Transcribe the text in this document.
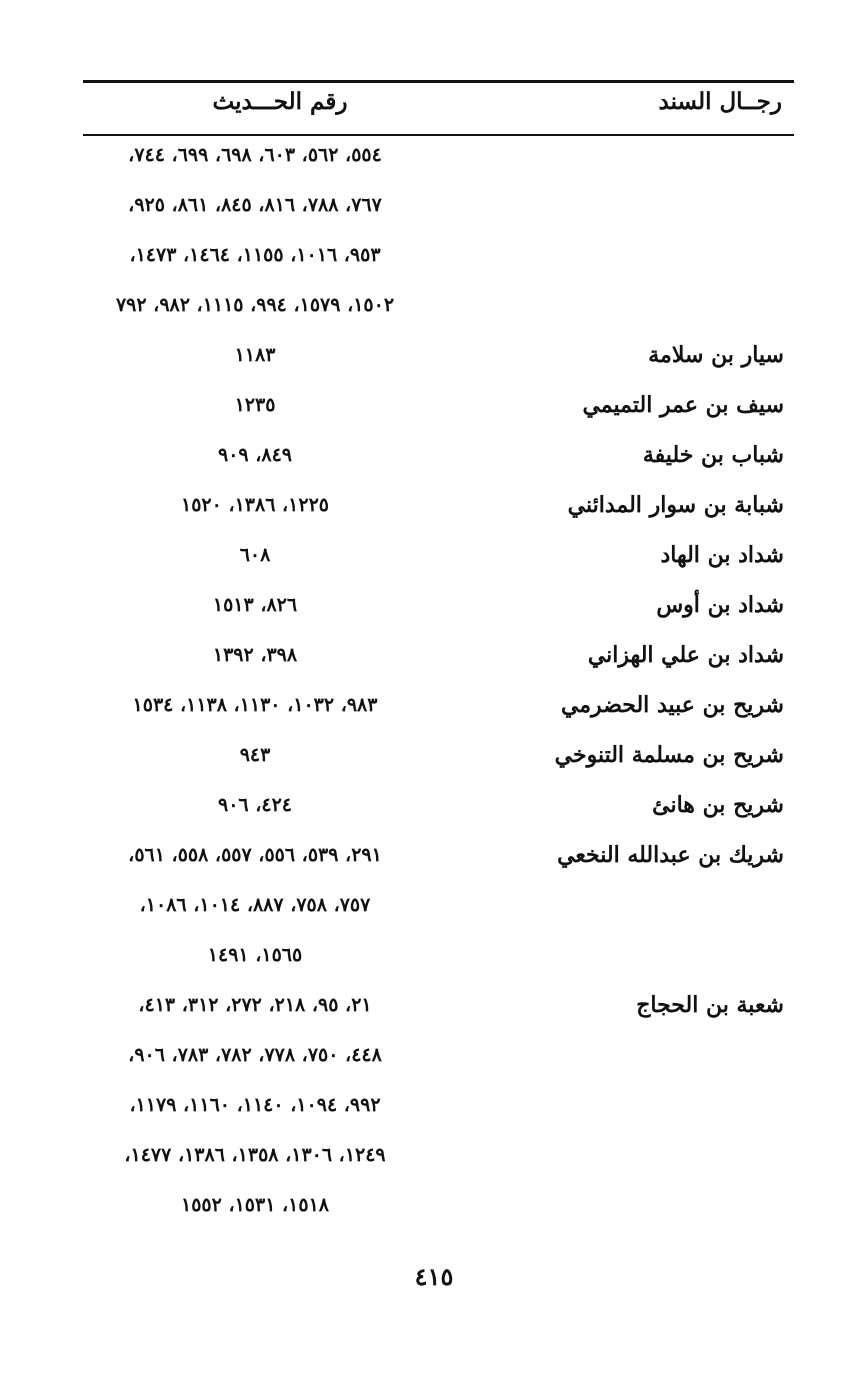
رجــال السند
رقم الحـــديث
٥٥٤، ٥٦٢، ٦٠٣، ٦٩٨، ٦٩٩، ٧٤٤،
٧٦٧، ٧٨٨، ٨١٦، ٨٤٥، ٨٦١، ٩٢٥،
٩٥٣، ١٠١٦، ١١٥٥، ١٤٦٤، ١٤٧٣،
١٥٠٢، ١٥٧٩، ٩٩٤، ١١١٥، ٩٨٢، ٧٩٢
سيار بن سلامة
١١٨٣
سيف بن عمر التميمي
١٢٣٥
شباب بن خليفة
٨٤٩، ٩٠٩
شبابة بن سوار المدائني
١٢٢٥، ١٣٨٦، ١٥٢٠
شداد بن الهاد
٦٠٨
شداد بن أوس
٨٢٦، ١٥١٣
شداد بن علي الهزاني
٣٩٨، ١٣٩٢
شريح بن عبيد الحضرمي
٩٨٣، ١٠٣٢، ١١٣٠، ١١٣٨، ١٥٣٤
شريح بن مسلمة التنوخي
٩٤٣
شريح بن هانئ
٤٢٤، ٩٠٦
شريك بن عبدالله النخعي
٢٩١، ٥٣٩، ٥٥٦، ٥٥٧، ٥٥٨، ٥٦١،
٧٥٧، ٧٥٨، ٨٨٧، ١٠١٤، ١٠٨٦،
١٥٦٥، ١٤٩١
شعبة بن الحجاج
٢١، ٩٥، ٢١٨، ٢٧٢، ٣١٢، ٤١٣،
٤٤٨، ٧٥٠، ٧٧٨، ٧٨٢، ٧٨٣، ٩٠٦،
٩٩٢، ١٠٩٤، ١١٤٠، ١١٦٠، ١١٧٩،
١٢٤٩، ١٣٠٦، ١٣٥٨، ١٣٨٦، ١٤٧٧،
١٥١٨، ١٥٣١، ١٥٥٢
٤١٥
